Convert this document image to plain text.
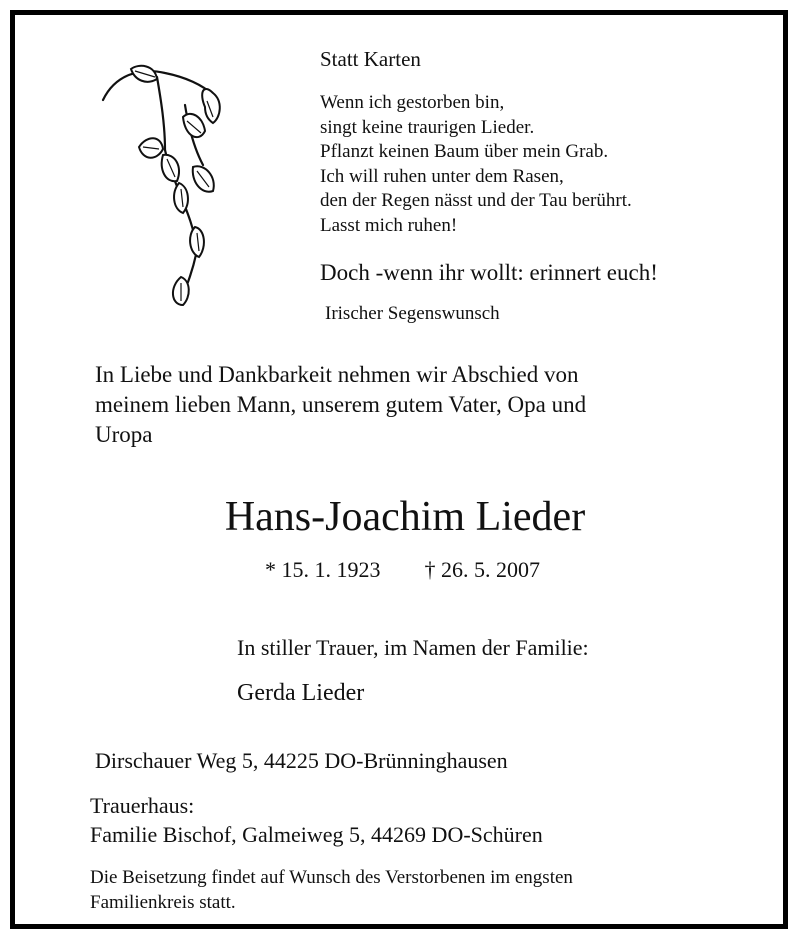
Statt Karten
Wenn ich gestorben bin,
singt keine traurigen Lieder.
Pflanzt keinen Baum über mein Grab.
Ich will ruhen unter dem Rasen,
den der Regen nässt und der Tau berührt.
Lasst mich ruhen!
Doch -wenn ihr wollt: erinnert euch!
Irischer Segenswunsch
In Liebe und Dankbarkeit nehmen wir Abschied von
meinem lieben Mann, unserem gutem Vater, Opa und
Uropa
Hans-Joachim Lieder
* 15. 1. 1923 † 26. 5. 2007
In stiller Trauer, im Namen der Familie:
Gerda Lieder
Dirschauer Weg 5, 44225 DO-Brünninghausen
Trauerhaus:
Familie Bischof, Galmeiweg 5, 44269 DO-Schüren
Die Beisetzung findet auf Wunsch des Verstorbenen im engsten
Familienkreis statt.
